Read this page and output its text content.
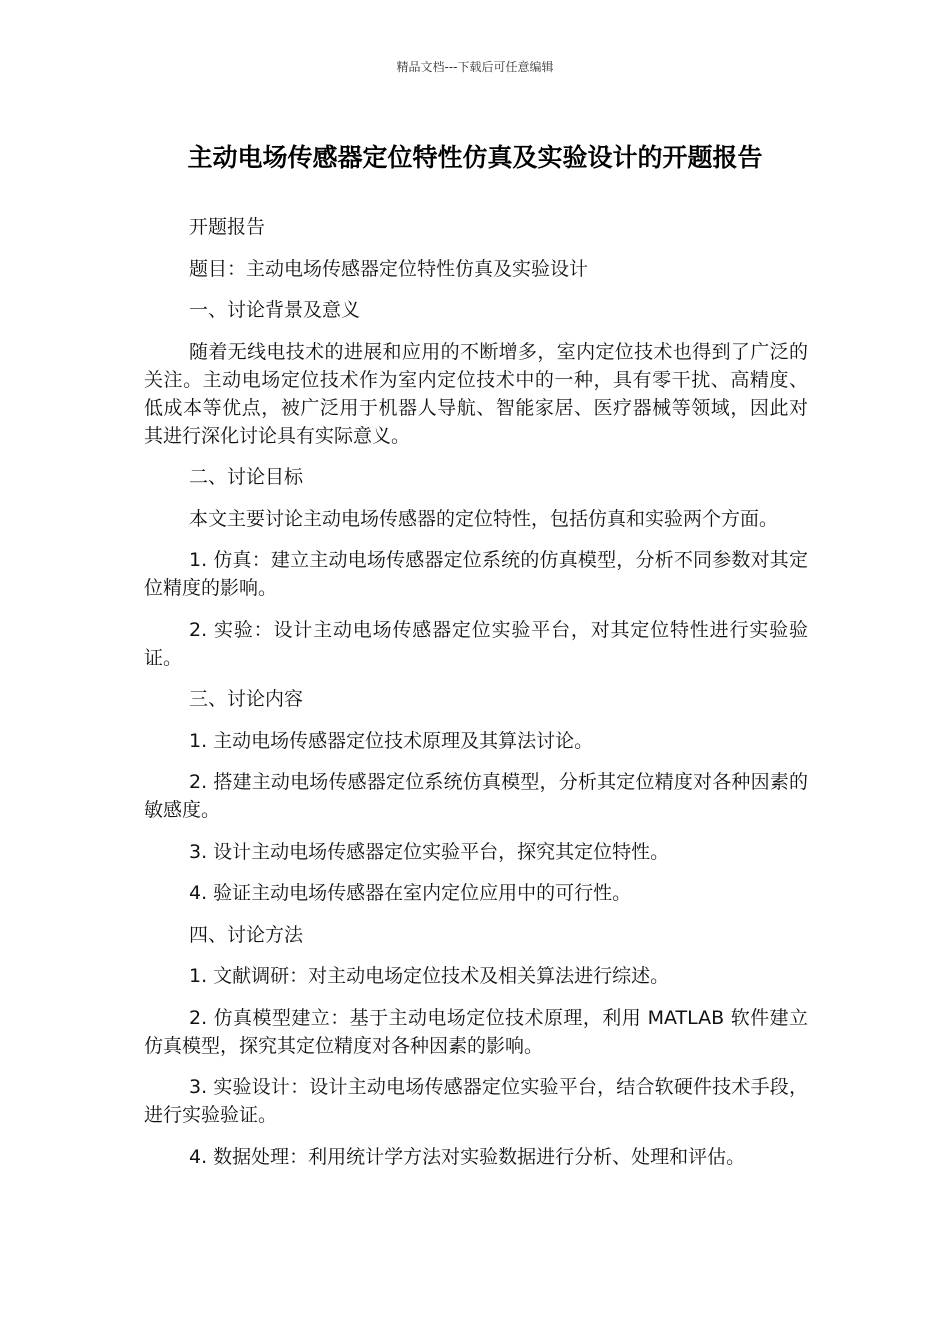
精品文档---下载后可任意编辑
主动电场传感器定位特性仿真及实验设计的开题报告

开题报告

题目：主动电场传感器定位特性仿真及实验设计

一、讨论背景及意义

随着无线电技术的进展和应用的不断增多，室内定位技术也得到了广泛的关注。主动电场定位技术作为室内定位技术中的一种，具有零干扰、高精度、低成本等优点，被广泛用于机器人导航、智能家居、医疗器械等领域，因此对其进行深化讨论具有实际意义。

二、讨论目标

本文主要讨论主动电场传感器的定位特性，包括仿真和实验两个方面。

1. 仿真：建立主动电场传感器定位系统的仿真模型，分析不同参数对其定位精度的影响。

2. 实验：设计主动电场传感器定位实验平台，对其定位特性进行实验验证。

三、讨论内容

1. 主动电场传感器定位技术原理及其算法讨论。

2. 搭建主动电场传感器定位系统仿真模型，分析其定位精度对各种因素的敏感度。

3. 设计主动电场传感器定位实验平台，探究其定位特性。

4. 验证主动电场传感器在室内定位应用中的可行性。

四、讨论方法

1. 文献调研：对主动电场定位技术及相关算法进行综述。

2. 仿真模型建立：基于主动电场定位技术原理，利用 MATLAB 软件建立仿真模型，探究其定位精度对各种因素的影响。

3. 实验设计：设计主动电场传感器定位实验平台，结合软硬件技术手段，进行实验验证。

4. 数据处理：利用统计学方法对实验数据进行分析、处理和评估。
